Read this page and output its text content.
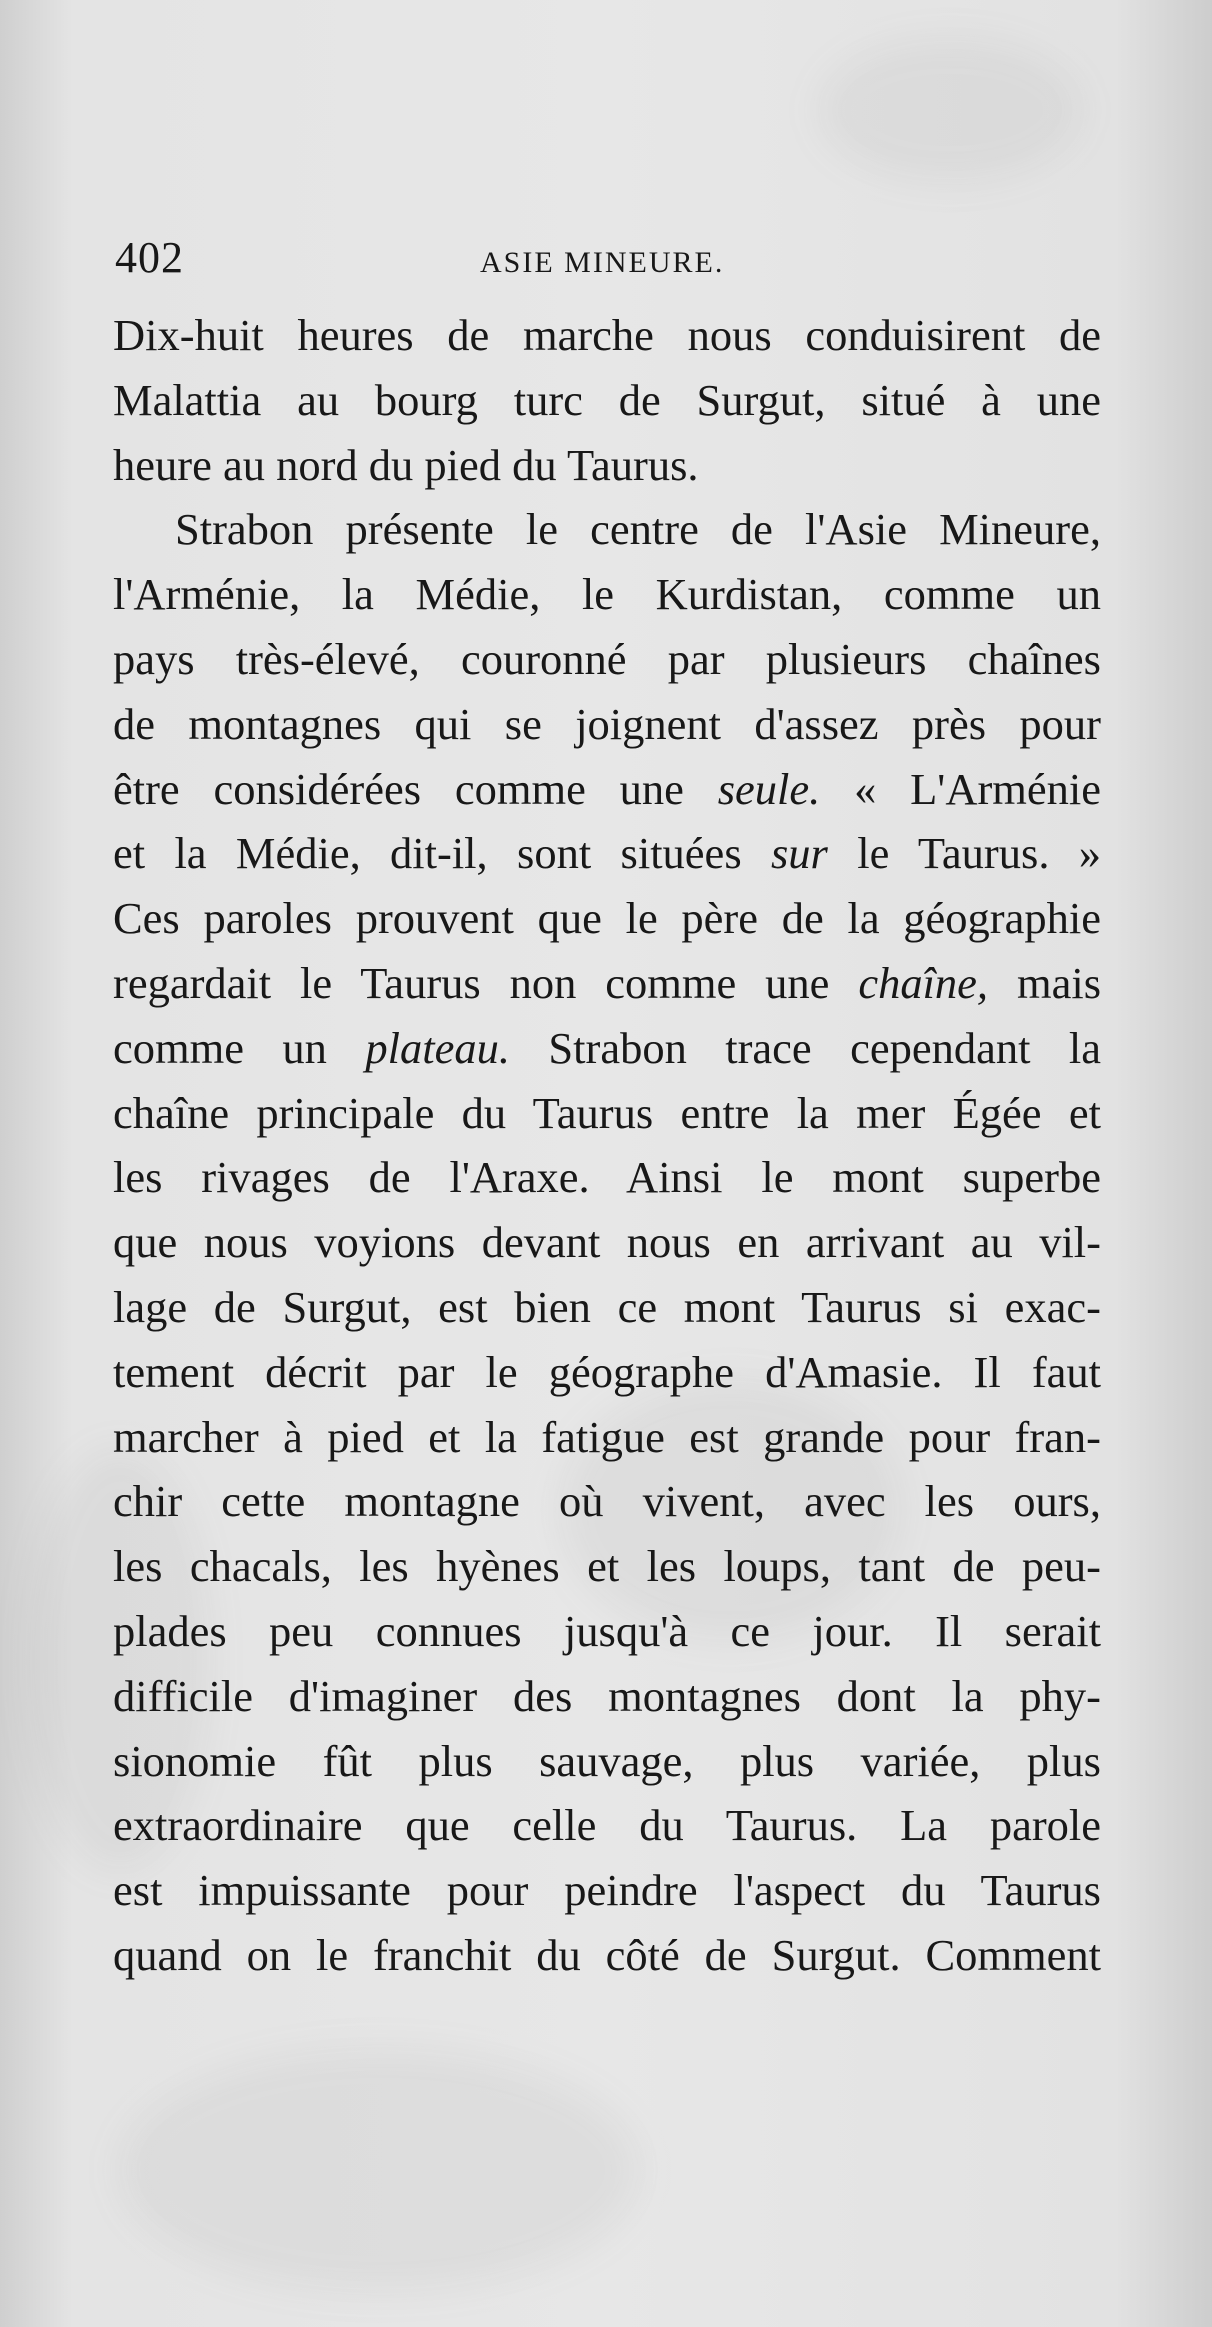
402	ASIE MINEURE.
Dix-huit heures de marche nous conduisirent de
Malattia au bourg turc de Surgut, situé à une
heure au nord du pied du Taurus.
Strabon présente le centre de l'Asie Mineure,
l'Arménie, la Médie, le Kurdistan, comme un
pays très-élevé, couronné par plusieurs chaînes
de montagnes qui se joignent d'assez près pour
être considérées comme une seule. « L'Arménie
et la Médie, dit-il, sont situées sur le Taurus. »
Ces paroles prouvent que le père de la géographie
regardait le Taurus non comme une chaîne, mais
comme un plateau. Strabon trace cependant la
chaîne principale du Taurus entre la mer Égée et
les rivages de l'Araxe. Ainsi le mont superbe
que nous voyions devant nous en arrivant au vil-
lage de Surgut, est bien ce mont Taurus si exac-
tement décrit par le géographe d'Amasie. Il faut
marcher à pied et la fatigue est grande pour fran-
chir cette montagne où vivent, avec les ours,
les chacals, les hyènes et les loups, tant de peu-
plades peu connues jusqu'à ce jour. Il serait
difficile d'imaginer des montagnes dont la phy-
sionomie fût plus sauvage, plus variée, plus
extraordinaire que celle du Taurus. La parole
est impuissante pour peindre l'aspect du Taurus
quand on le franchit du côté de Surgut. Comment
